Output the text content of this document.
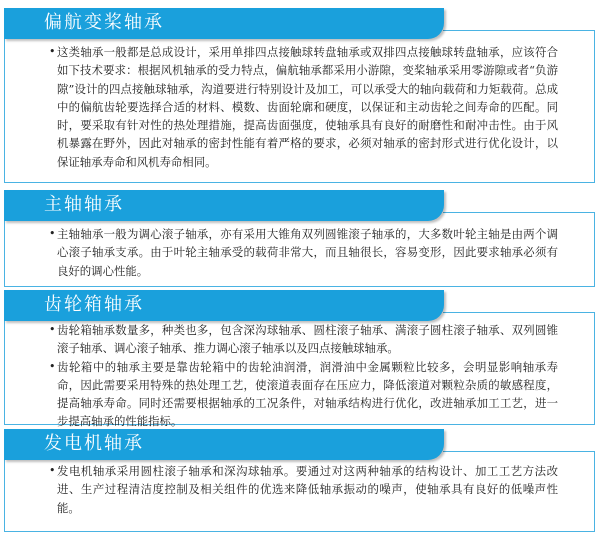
• 这类轴承一般都是总成设计，采用单排四点接触球转盘轴承或双排四点接触球转盘轴承，应该符合如下技术要求：根据风机轴承的受力特点，偏航轴承都采用小游隙，变桨轴承采用零游隙或者“负游隙”设计的四点接触球轴承，沟道要进行特别设计及加工，可以承受大的轴向载荷和力矩载荷。总成中的偏航齿轮要选择合适的材料、模数、齿面轮廓和硬度，以保证和主动齿轮之间寿命的匹配。同时，要采取有针对性的热处理措施，提高齿面强度，使轴承具有良好的耐磨性和耐冲击性。由于风机暴露在野外，因此对轴承的密封性能有着严格的要求，必须对轴承的密封形式进行优化设计，以保证轴承寿命和风机寿命相同。
偏航变桨轴承
• 主轴轴承一般为调心滚子轴承，亦有采用大锥角双列圆锥滚子轴承的，大多数叶轮主轴是由两个调心滚子轴承支承。由于叶轮主轴承受的载荷非常大，而且轴很长，容易变形，因此要求轴承必须有良好的调心性能。
主轴轴承
• 齿轮箱轴承数量多，种类也多，包含深沟球轴承、圆柱滚子轴承、满滚子圆柱滚子轴承、双列圆锥滚子轴承、调心滚子轴承、推力调心滚子轴承以及四点接触球轴承。
• 齿轮箱中的轴承主要是靠齿轮箱中的齿轮油润滑，润滑油中金属颗粒比较多，会明显影响轴承寿命，因此需要采用特殊的热处理工艺，使滚道表面存在压应力，降低滚道对颗粒杂质的敏感程度，提高轴承寿命。同时还需要根据轴承的工况条件，对轴承结构进行优化，改进轴承加工工艺，进一步提高轴承的性能指标。
齿轮箱轴承
• 发电机轴承采用圆柱滚子轴承和深沟球轴承。要通过对这两种轴承的结构设计、加工工艺方法改进、生产过程清洁度控制及相关组件的优选来降低轴承振动的噪声，使轴承具有良好的低噪声性能。
发电机轴承
